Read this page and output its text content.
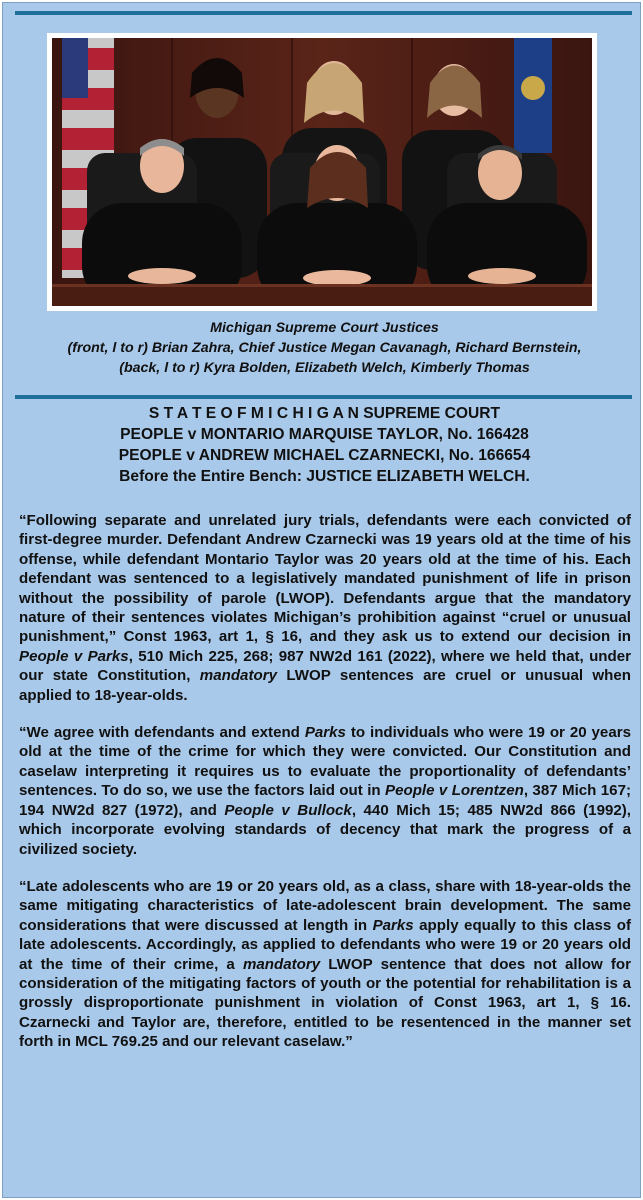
Michigan Supreme Court Justices
(front, l to r) Brian Zahra, Chief Justice Megan Cavanagh, Richard Bernstein,
(back, l to r) Kyra Bolden, Elizabeth Welch, Kimberly Thomas
S T A T E O F M I C H I G A N SUPREME COURT
PEOPLE v MONTARIO MARQUISE TAYLOR, No. 166428
PEOPLE v ANDREW MICHAEL CZARNECKI, No. 166654
Before the Entire Bench: JUSTICE ELIZABETH WELCH.

“Following separate and unrelated jury trials, defendants were each convicted of first-degree murder. Defendant Andrew Czarnecki was 19 years old at the time of his offense, while defendant Montario Taylor was 20 years old at the time of his. Each defendant was sentenced to a legislatively mandated punishment of life in prison without the possibility of parole (LWOP). Defendants argue that the mandatory nature of their sentences violates Michigan’s prohibition against “cruel or unusual punishment,” Const 1963, art 1, § 16, and they ask us to extend our decision in People v Parks, 510 Mich 225, 268; 987 NW2d 161 (2022), where we held that, under our state Constitution, mandatory LWOP sentences are cruel or unusual when applied to 18-year-olds.

“We agree with defendants and extend Parks to individuals who were 19 or 20 years old at the time of the crime for which they were convicted. Our Constitution and caselaw interpreting it requires us to evaluate the proportionality of defendants’ sentences. To do so, we use the factors laid out in People v Lorentzen, 387 Mich 167; 194 NW2d 827 (1972), and People v Bullock, 440 Mich 15; 485 NW2d 866 (1992), which incorporate evolving standards of decency that mark the progress of a civilized society.

“Late adolescents who are 19 or 20 years old, as a class, share with 18-year-olds the same mitigating characteristics of late-adolescent brain development. The same considerations that were discussed at length in Parks apply equally to this class of late adolescents. Accordingly, as applied to defendants who were 19 or 20 years old at the time of their crime, a mandatory LWOP sentence that does not allow for consideration of the mitigating factors of youth or the potential for rehabilitation is a grossly disproportionate punishment in violation of Const 1963, art 1, § 16. Czarnecki and Taylor are, therefore, entitled to be resentenced in the manner set forth in MCL 769.25 and our relevant caselaw.”
